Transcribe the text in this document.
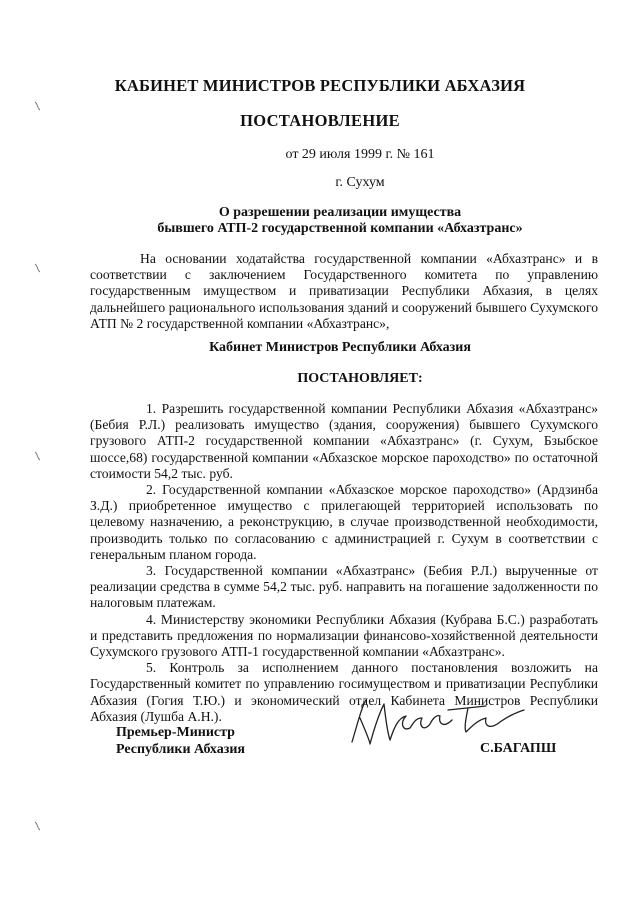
КАБИНЕТ МИНИСТРОВ РЕСПУБЛИКИ АБХАЗИЯ
ПОСТАНОВЛЕНИЕ
от 29 июля 1999 г. № 161
г. Сухум
О разрешении реализации имущества
бывшего АТП-2 государственной компании «Абхазтранс»
На основании ходатайства государственной компании «Абхазтранс» и в соответствии с заключением Государственного комитета по управлению государственным имуществом и приватизации Республики Абхазия, в целях дальнейшего рационального использования зданий и сооружений бывшего Сухумского АТП № 2 государственной компании «Абхазтранс»,
Кабинет Министров Республики Абхазия
ПОСТАНОВЛЯЕТ:

1. Разрешить государственной компании Республики Абхазия «Абхазтранс» (Бебия Р.Л.) реализовать имущество (здания, сооружения) бывшего Сухумского грузового АТП-2 государственной компании «Абхазтранс» (г. Сухум, Бзыбское шоссе,68) государственной компании «Абхазское морское пароходство» по остаточной стоимости 54,2 тыс. руб.

2. Государственной компании «Абхазское морское пароходство» (Ардзинба З.Д.) приобретенное имущество с прилегающей территорией использовать по целевому назначению, а реконструкцию, в случае производственной необходимости, производить только по согласованию с администрацией г. Сухум в соответствии с генеральным планом города.

3. Государственной компании «Абхазтранс» (Бебия Р.Л.) вырученные от реализации средства в сумме 54,2 тыс. руб. направить на погашение задолженности по налоговым платежам.

4. Министерству экономики Республики Абхазия (Кубрава Б.С.) разработать и представить предложения по нормализации финансово-хозяйственной деятельности Сухумского грузового АТП-1 государственной компании «Абхазтранс».

5. Контроль за исполнением данного постановления возложить на Государственный комитет по управлению госимуществом и приватизации Республики Абхазия (Гогия Т.Ю.) и экономический отдел Кабинета Министров Республики Абхазия (Лушба А.Н.).

Премьер-Министр
Республики Абхазия	С.БАГАПШ
